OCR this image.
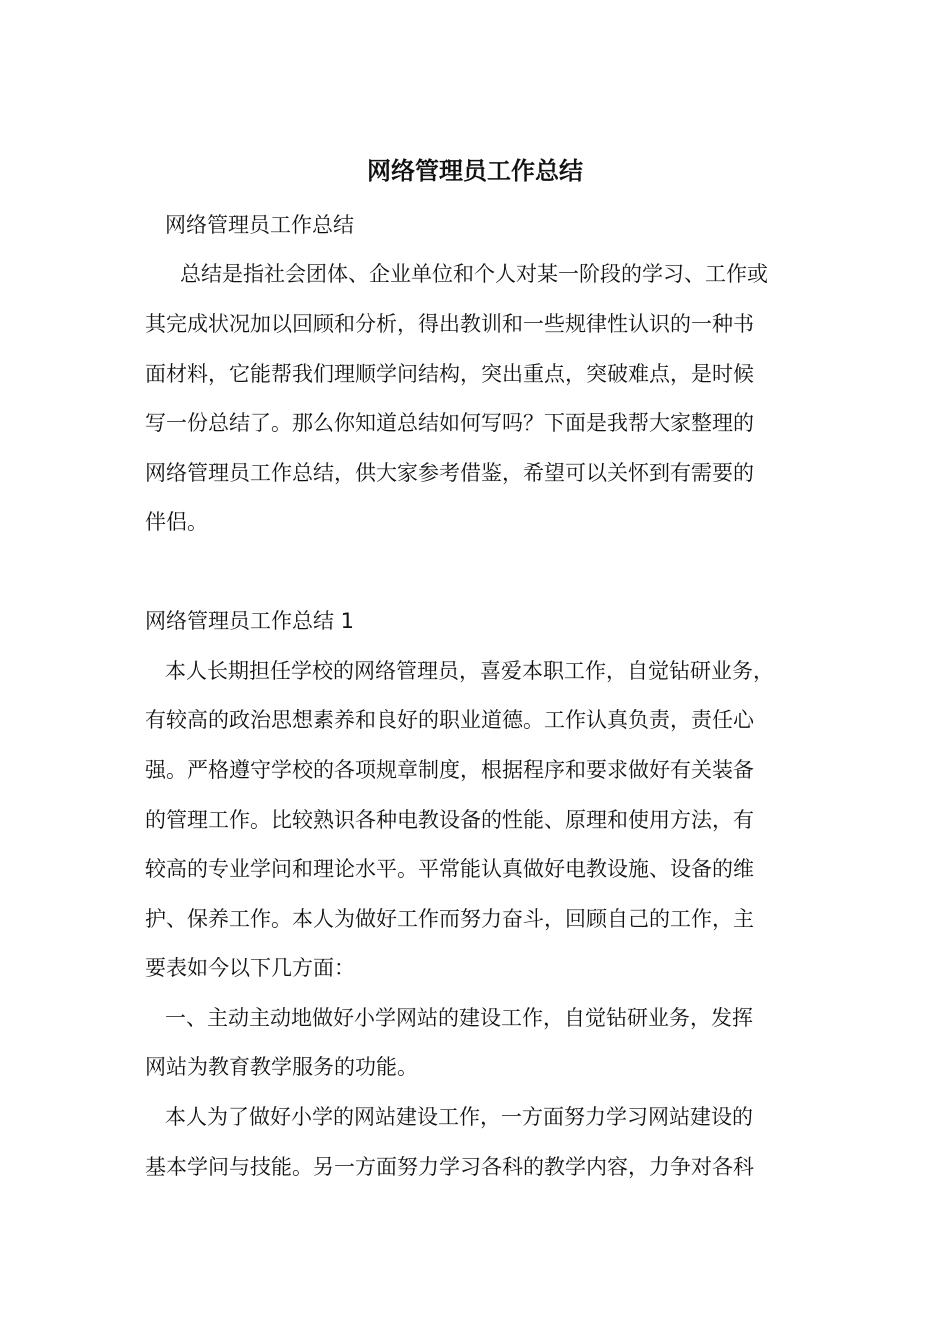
网络管理员工作总结

网络管理员工作总结

总结是指社会团体、企业单位和个人对某一阶段的学习、工作或

其完成状况加以回顾和分析，得出教训和一些规律性认识的一种书

面材料，它能帮我们理顺学问结构，突出重点，突破难点，是时候

写一份总结了。那么你知道总结如何写吗？下面是我帮大家整理的

网络管理员工作总结，供大家参考借鉴，希望可以关怀到有需要的

伴侣。

网络管理员工作总结 1

本人长期担任学校的网络管理员，喜爱本职工作，自觉钻研业务，

有较高的政治思想素养和良好的职业道德。工作认真负责，责任心

强。严格遵守学校的各项规章制度，根据程序和要求做好有关装备

的管理工作。比较熟识各种电教设备的性能、原理和使用方法，有

较高的专业学问和理论水平。平常能认真做好电教设施、设备的维

护、保养工作。本人为做好工作而努力奋斗，回顾自己的工作，主

要表如今以下几方面：

一、主动主动地做好小学网站的建设工作，自觉钻研业务，发挥

网站为教育教学服务的功能。

本人为了做好小学的网站建设工作，一方面努力学习网站建设的

基本学问与技能。另一方面努力学习各科的教学内容，力争对各科
